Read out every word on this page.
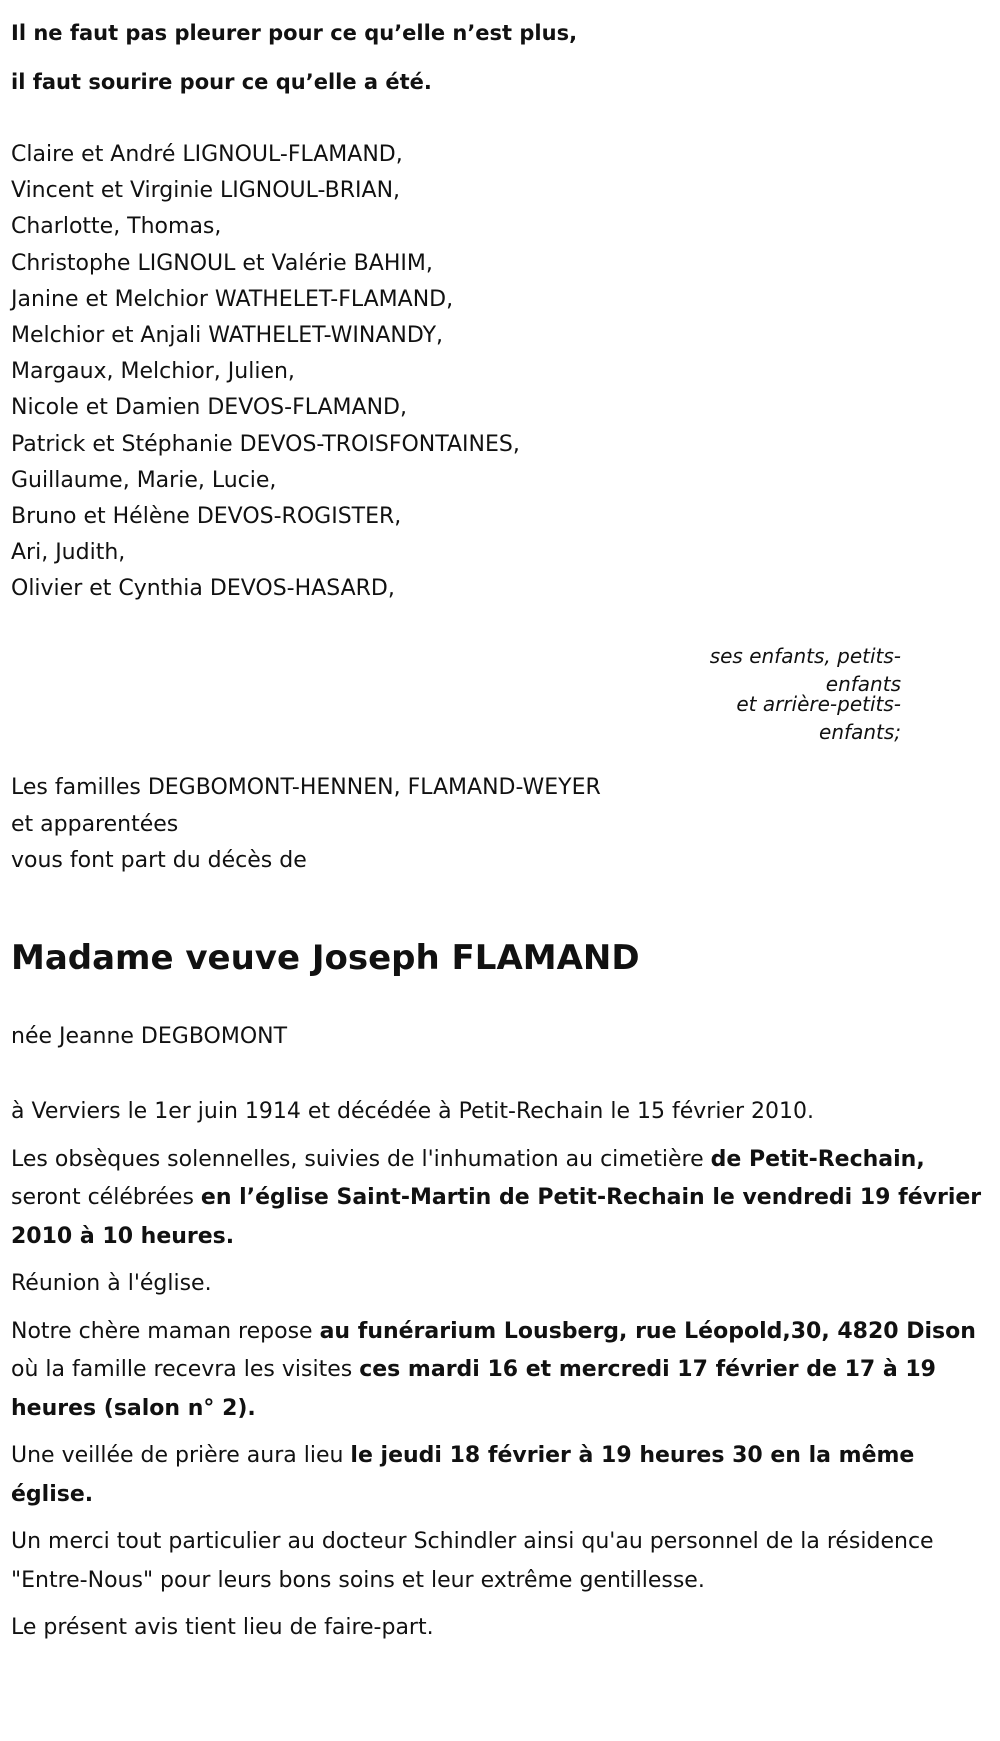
Il ne faut pas pleurer pour ce qu’elle n’est plus,
il faut sourire pour ce qu’elle a été.
Claire et André LIGNOUL-FLAMAND,
Vincent et Virginie LIGNOUL-BRIAN,
Charlotte, Thomas,
Christophe LIGNOUL et Valérie BAHIM,
Janine et Melchior WATHELET-FLAMAND,
Melchior et Anjali WATHELET-WINANDY,
Margaux, Melchior, Julien,
Nicole et Damien DEVOS-FLAMAND,
Patrick et Stéphanie DEVOS-TROISFONTAINES,
Guillaume, Marie, Lucie,
Bruno et Hélène DEVOS-ROGISTER,
Ari, Judith,
Olivier et Cynthia DEVOS-HASARD,
ses enfants, petits-
enfants
et arrière-petits-
enfants;
Les familles DEGBOMONT-HENNEN, FLAMAND-WEYER
et apparentées
vous font part du décès de
Madame veuve Joseph FLAMAND
née Jeanne DEGBOMONT

à Verviers le 1er juin 1914 et décédée à Petit-Rechain le 15 février 2010.

Les obsèques solennelles, suivies de l'inhumation au cimetière de Petit-Rechain, seront célébrées en l’église Saint-Martin de Petit-Rechain le vendredi 19 février 2010 à 10 heures.

Réunion à l'église.

Notre chère maman repose au funérarium Lousberg, rue Léopold,30, 4820 Dison où la famille recevra les visites ces mardi 16 et mercredi 17 février de 17 à 19 heures (salon n° 2).

Une veillée de prière aura lieu le jeudi 18 février à 19 heures 30 en la même église.

Un merci tout particulier au docteur Schindler ainsi qu'au personnel de la résidence "Entre-Nous" pour leurs bons soins et leur extrême gentillesse.

Le présent avis tient lieu de faire-part.
